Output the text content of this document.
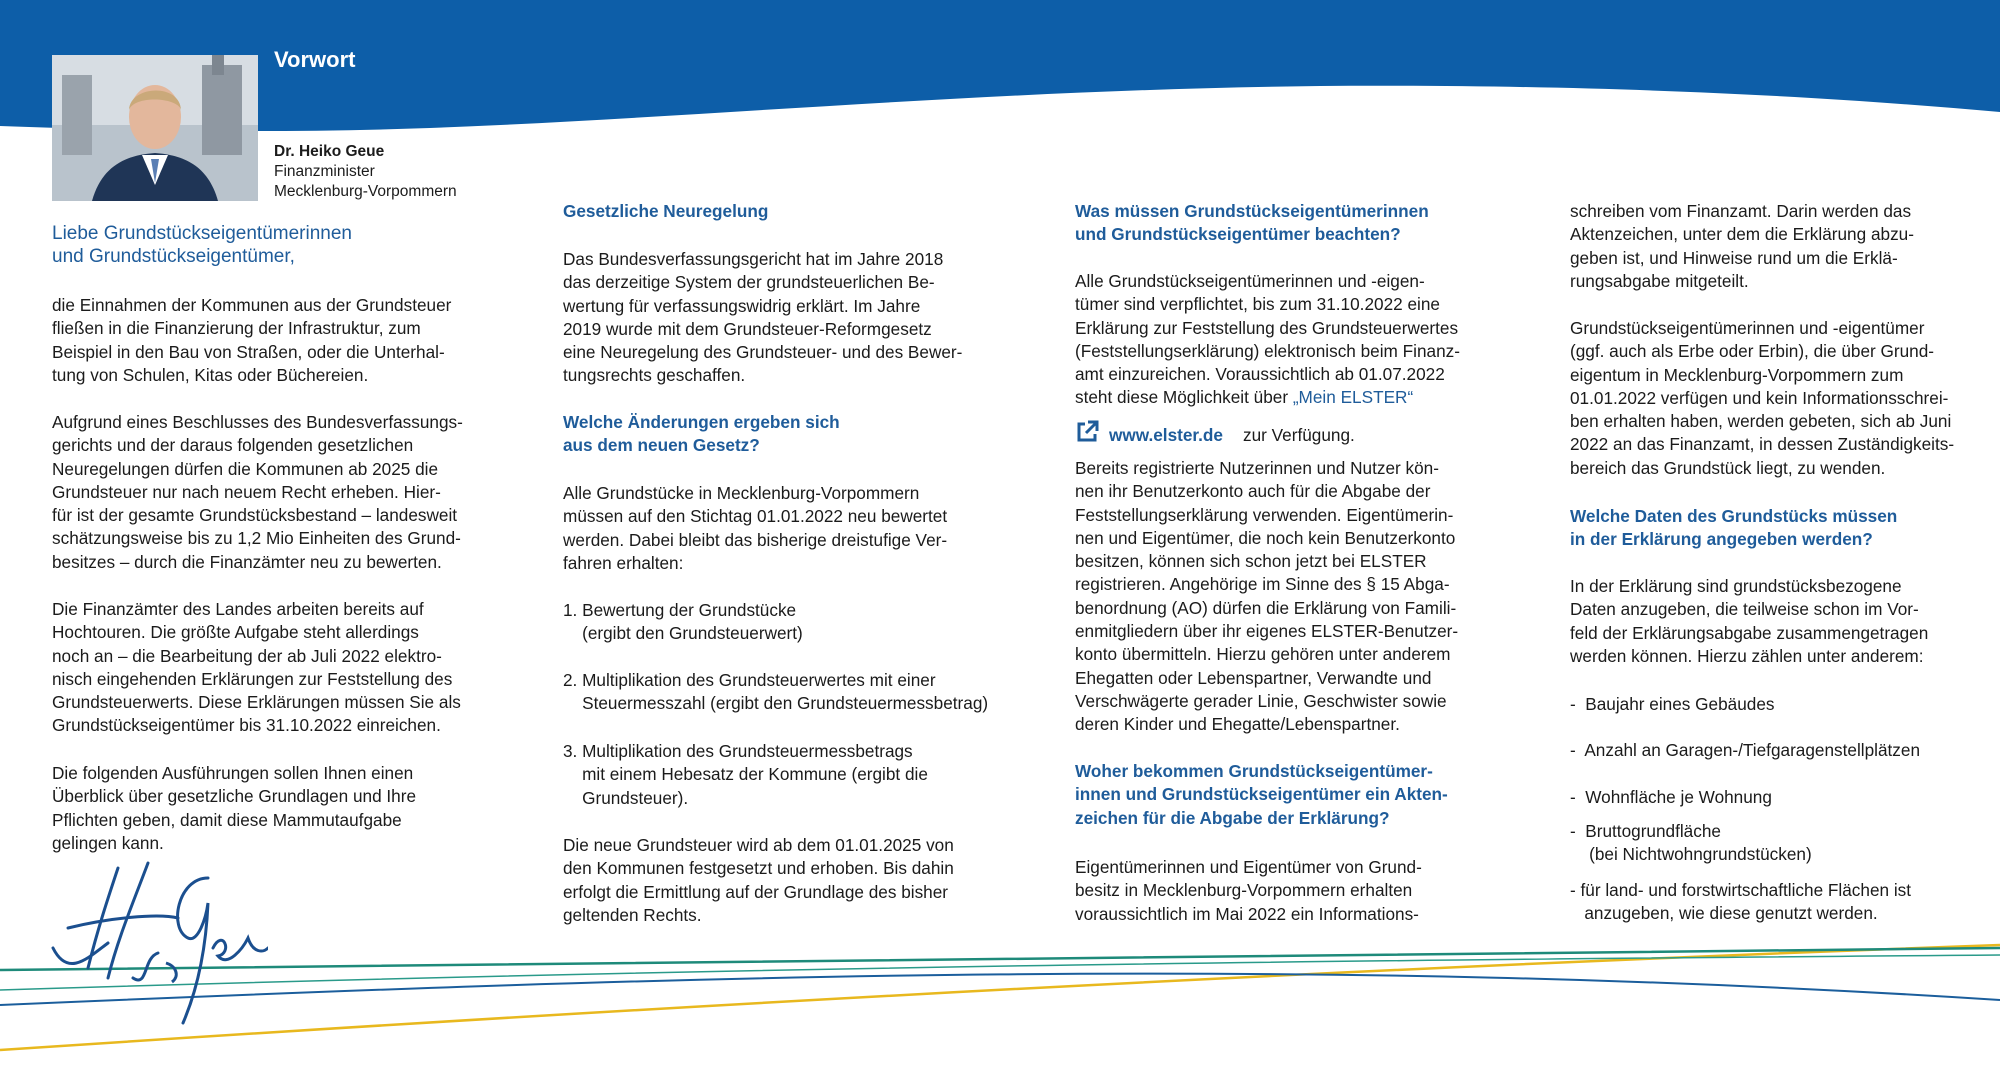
Vorwort
Dr. Heiko Geue
Finanzminister
Mecklenburg-Vorpommern
Liebe Grundstückseigentümerinnen
und Grundstückseigentümer,
die Einnahmen der Kommunen aus der Grundsteuer
fließen in die Finanzierung der Infrastruktur, zum
Beispiel in den Bau von Straßen, oder die Unterhal-
tung von Schulen, Kitas oder Büchereien.
Aufgrund eines Beschlusses des Bundesverfassungs-
gerichts und der daraus folgenden gesetzlichen
Neuregelungen dürfen die Kommunen ab 2025 die
Grundsteuer nur nach neuem Recht erheben. Hier-
für ist der gesamte Grundstücksbestand – landesweit
schätzungsweise bis zu 1,2 Mio Einheiten des Grund-
besitzes – durch die Finanzämter neu zu bewerten.
Die Finanzämter des Landes arbeiten bereits auf
Hochtouren. Die größte Aufgabe steht allerdings
noch an – die Bearbeitung der ab Juli 2022 elektro-
nisch eingehenden Erklärungen zur Feststellung des
Grundsteuerwerts. Diese Erklärungen müssen Sie als
Grundstückseigentümer bis 31.10.2022 einreichen.
Die folgenden Ausführungen sollen Ihnen einen
Überblick über gesetzliche Grundlagen und Ihre
Pflichten geben, damit diese Mammutaufgabe
gelingen kann.
Gesetzliche Neuregelung
Das Bundesverfassungsgericht hat im Jahre 2018
das derzeitige System der grundsteuerlichen Be-
wertung für verfassungswidrig erklärt. Im Jahre
2019 wurde mit dem Grundsteuer-Reformgesetz
eine Neuregelung des Grundsteuer- und des Bewer-
tungsrechts geschaffen.
Welche Änderungen ergeben sich
aus dem neuen Gesetz?
Alle Grundstücke in Mecklenburg-Vorpommern
müssen auf den Stichtag 01.01.2022 neu bewertet
werden. Dabei bleibt das bisherige dreistufige Ver-
fahren erhalten:
1. Bewertung der Grundstücke
(ergibt den Grundsteuerwert)
2. Multiplikation des Grundsteuerwertes mit einer
Steuermesszahl (ergibt den Grundsteuermessbetrag)
3. Multiplikation des Grundsteuermessbetrags
mit einem Hebesatz der Kommune (ergibt die
Grundsteuer).
Die neue Grundsteuer wird ab dem 01.01.2025 von
den Kommunen festgesetzt und erhoben. Bis dahin
erfolgt die Ermittlung auf der Grundlage des bisher
geltenden Rechts.
Was müssen Grundstückseigentümerinnen
und Grundstückseigentümer beachten?
Alle Grundstückseigentümerinnen und -eigen-
tümer sind verpflichtet, bis zum 31.10.2022 eine
Erklärung zur Feststellung des Grundsteuerwertes
(Feststellungserklärung) elektronisch beim Finanz-
amt einzureichen. Voraussichtlich ab 01.07.2022
steht diese Möglichkeit über „Mein ELSTER“
www.elster.de zur Verfügung.
Bereits registrierte Nutzerinnen und Nutzer kön-
nen ihr Benutzerkonto auch für die Abgabe der
Feststellungserklärung verwenden. Eigentümerin-
nen und Eigentümer, die noch kein Benutzerkonto
besitzen, können sich schon jetzt bei ELSTER
registrieren. Angehörige im Sinne des § 15 Abga-
benordnung (AO) dürfen die Erklärung von Famili-
enmitgliedern über ihr eigenes ELSTER-Benutzer-
konto übermitteln. Hierzu gehören unter anderem
Ehegatten oder Lebenspartner, Verwandte und
Verschwägerte gerader Linie, Geschwister sowie
deren Kinder und Ehegatte/Lebenspartner.
Woher bekommen Grundstückseigentümer-
innen und Grundstückseigentümer ein Akten-
zeichen für die Abgabe der Erklärung?
Eigentümerinnen und Eigentümer von Grund-
besitz in Mecklenburg-Vorpommern erhalten
voraussichtlich im Mai 2022 ein Informations-
schreiben vom Finanzamt. Darin werden das
Aktenzeichen, unter dem die Erklärung abzu-
geben ist, und Hinweise rund um die Erklä-
rungsabgabe mitgeteilt.
Grundstückseigentümerinnen und -eigentümer
(ggf. auch als Erbe oder Erbin), die über Grund-
eigentum in Mecklenburg-Vorpommern zum
01.01.2022 verfügen und kein Informationsschrei-
ben erhalten haben, werden gebeten, sich ab Juni
2022 an das Finanzamt, in dessen Zuständigkeits-
bereich das Grundstück liegt, zu wenden.
Welche Daten des Grundstücks müssen
in der Erklärung angegeben werden?
In der Erklärung sind grundstücksbezogene
Daten anzugeben, die teilweise schon im Vor-
feld der Erklärungsabgabe zusammengetragen
werden können. Hierzu zählen unter anderem:
-  Baujahr eines Gebäudes
-  Anzahl an Garagen-/Tiefgaragenstellplätzen
-  Wohnfläche je Wohnung
-  Bruttogrundfläche
(bei Nichtwohngrundstücken)
- für land- und forstwirtschaftliche Flächen ist
anzugeben, wie diese genutzt werden.
